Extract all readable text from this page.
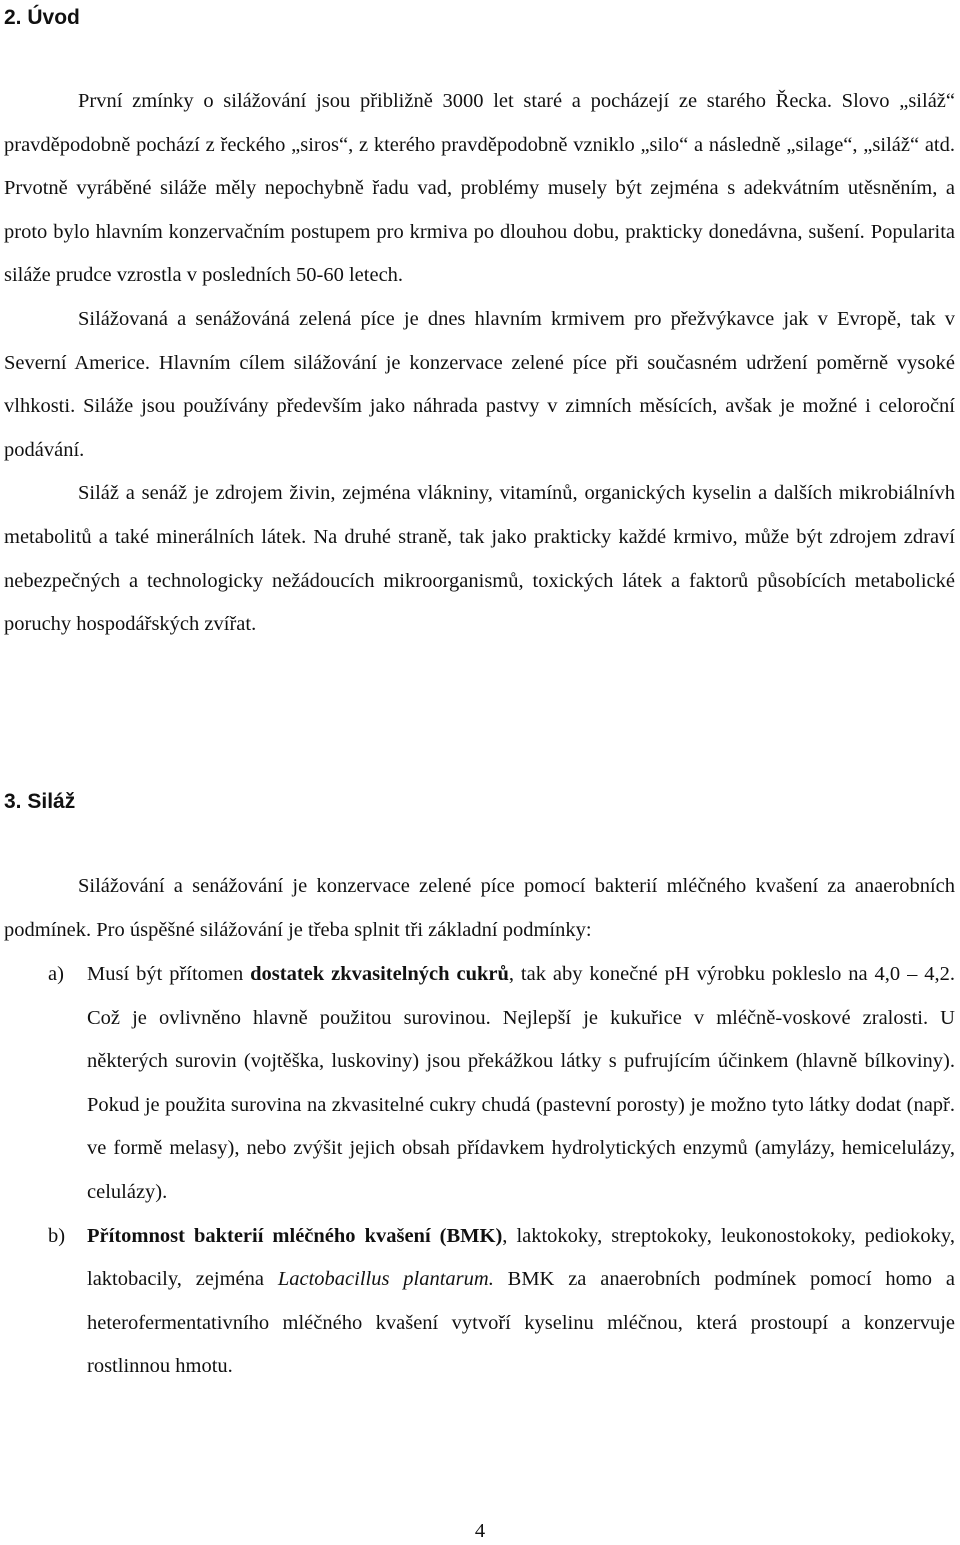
2. Úvod

První zmínky o silážování jsou přibližně 3000 let staré a pocházejí ze starého Řecka. Slovo „siláž“ pravděpodobně pochází z řeckého „siros“, z kterého pravděpodobně vzniklo „silo“ a následně „silage“, „siláž“ atd. Prvotně vyráběné siláže měly nepochybně řadu vad, problémy musely být zejména s adekvátním utěsněním, a proto bylo hlavním konzervačním postupem pro krmiva po dlouhou dobu, prakticky donedávna, sušení. Popularita siláže prudce vzrostla v posledních 50-60 letech.

Silážovaná a senážováná zelená píce je dnes hlavním krmivem pro přežvýkavce jak v Evropě, tak v Severní Americe. Hlavním cílem silážování je konzervace zelené píce při současném udržení poměrně vysoké vlhkosti. Siláže jsou používány především jako náhrada pastvy v zimních měsících, avšak je možné i celoroční podávání.

Siláž a senáž je zdrojem živin, zejména vlákniny, vitamínů, organických kyselin a dalších mikrobiálnívh metabolitů a také minerálních látek. Na druhé straně, tak jako prakticky každé krmivo, může být zdrojem zdraví nebezpečných a technologicky nežádoucích mikroorganismů, toxických látek a faktorů působících metabolické poruchy hospodářských zvířat.

3. Siláž

Silážování a senážování je konzervace zelené píce pomocí bakterií mléčného kvašení za anaerobních podmínek. Pro úspěšné silážování je třeba splnit tři základní podmínky:

a) Musí být přítomen dostatek zkvasitelných cukrů, tak aby konečné pH výrobku pokleslo na 4,0 – 4,2. Což je ovlivněno hlavně použitou surovinou. Nejlepší je kukuřice v mléčně-voskové zralosti. U některých surovin (vojtěška, luskoviny) jsou překážkou látky s pufrujícím účinkem (hlavně bílkoviny). Pokud je použita surovina na zkvasitelné cukry chudá (pastevní porosty) je možno tyto látky dodat (např. ve formě melasy), nebo zvýšit jejich obsah přídavkem hydrolytických enzymů (amylázy, hemicelulázy, celulázy).
b) Přítomnost bakterií mléčného kvašení (BMK), laktokoky, streptokoky, leukonostokoky, pediokoky, laktobacily, zejména Lactobacillus plantarum. BMK za anaerobních podmínek pomocí homo a heterofermentativního mléčného kvašení vytvoří kyselinu mléčnou, která prostoupí a konzervuje rostlinnou hmotu.
4
